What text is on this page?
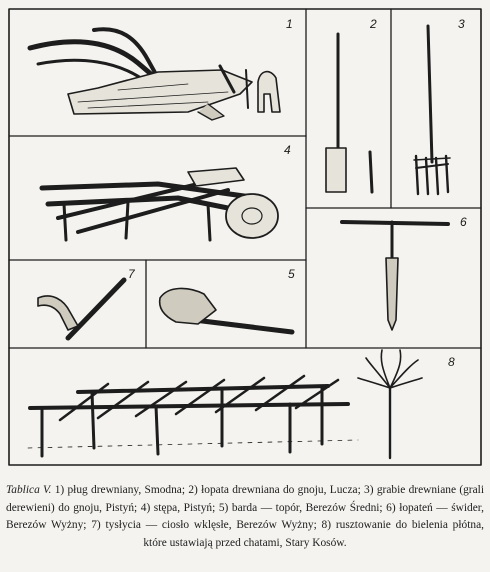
1	2	3
4
5
6
7
8
Tablica V. 1) pług drewniany, Smodna; 2) łopata drewniana do gnoju, Lucza; 3) grabie drewniane (grali derewieni) do gnoju, Pistyń; 4) stępa, Pistyń; 5) barda — topór, Berezów Średni; 6) łopateń — świder, Berezów Wyżny; 7) tysłycia — ciosło wklęsłe, Berezów Wyżny; 8) rusztowanie do bielenia płótna, które ustawiają przed chatami, Stary Kosów.
